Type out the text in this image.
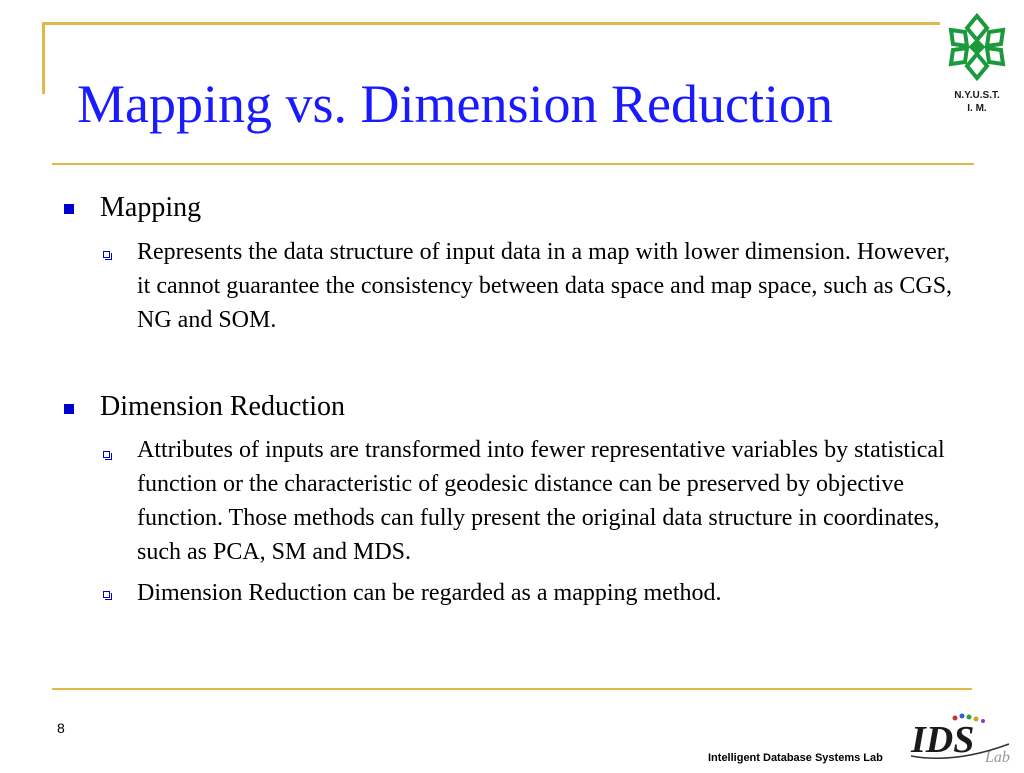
Mapping vs. Dimension Reduction	N.Y.U.S.T.
I. M.
Mapping
Represents the data structure of input data in a map with lower dimension. However, it cannot guarantee the consistency between data space and map space, such as CGS, NG and SOM.
Dimension Reduction
Attributes of inputs are transformed into fewer representative variables by statistical function or the characteristic of geodesic distance can be preserved by objective function. Those methods can fully present the original data structure in coordinates, such as PCA, SM and MDS.
Dimension Reduction can be regarded as a mapping method.
8
Intelligent Database Systems Lab IDS Lab
